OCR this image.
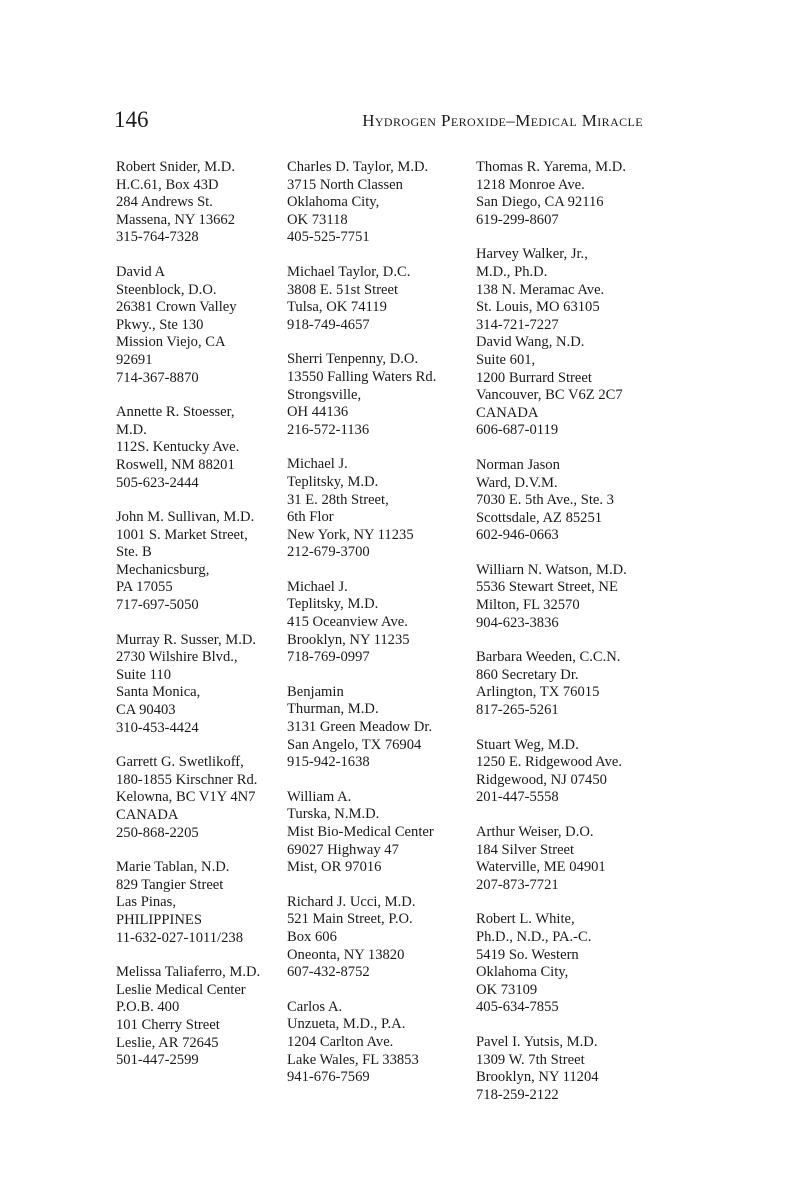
146	Hydrogen Peroxide–Medical Miracle
Robert Snider, M.D.
H.C.61, Box 43D
284 Andrews St.
Massena, NY 13662
315-764-7328
David A
Steenblock, D.O.
26381 Crown Valley
Pkwy., Ste 130
Mission Viejo, CA
92691
714-367-8870
Annette R. Stoesser,
M.D.
112S. Kentucky Ave.
Roswell, NM 88201
505-623-2444
John M. Sullivan, M.D.
1001 S. Market Street,
Ste. B
Mechanicsburg,
PA 17055
717-697-5050
Murray R. Susser, M.D.
2730 Wilshire Blvd.,
Suite 110
Santa Monica,
CA 90403
310-453-4424
Garrett G. Swetlikoff,
180-1855 Kirschner Rd.
Kelowna, BC V1Y 4N7
CANADA
250-868-2205
Marie Tablan, N.D.
829 Tangier Street
Las Pinas,
PHILIPPINES
11-632-027-1011/238
Melissa Taliaferro, M.D.
Leslie Medical Center
P.O.B. 400
101 Cherry Street
Leslie, AR 72645
501-447-2599
Charles D. Taylor, M.D.
3715 North Classen
Oklahoma City,
OK 73118
405-525-7751
Michael Taylor, D.C.
3808 E. 51st Street
Tulsa, OK 74119
918-749-4657
Sherri Tenpenny, D.O.
13550 Falling Waters Rd.
Strongsville,
OH 44136
216-572-1136
Michael J.
Teplitsky, M.D.
31 E. 28th Street,
6th Flor
New York, NY 11235
212-679-3700
Michael J.
Teplitsky, M.D.
415 Oceanview Ave.
Brooklyn, NY 11235
718-769-0997
Benjamin
Thurman, M.D.
3131 Green Meadow Dr.
San Angelo, TX 76904
915-942-1638
William A.
Turska, N.M.D.
Mist Bio-Medical Center
69027 Highway 47
Mist, OR 97016
Richard J. Ucci, M.D.
521 Main Street, P.O.
Box 606
Oneonta, NY 13820
607-432-8752
Carlos A.
Unzueta, M.D., P.A.
1204 Carlton Ave.
Lake Wales, FL 33853
941-676-7569
Thomas R. Yarema, M.D.
1218 Monroe Ave.
San Diego, CA 92116
619-299-8607
Harvey Walker, Jr.,
M.D., Ph.D.
138 N. Meramac Ave.
St. Louis, MO 63105
314-721-7227
David Wang, N.D.
Suite 601,
1200 Burrard Street
Vancouver, BC V6Z 2C7
CANADA
606-687-0119
Norman Jason
Ward, D.V.M.
7030 E. 5th Ave., Ste. 3
Scottsdale, AZ 85251
602-946-0663
Williarn N. Watson, M.D.
5536 Stewart Street, NE
Milton, FL 32570
904-623-3836
Barbara Weeden, C.C.N.
860 Secretary Dr.
Arlington, TX 76015
817-265-5261
Stuart Weg, M.D.
1250 E. Ridgewood Ave.
Ridgewood, NJ 07450
201-447-5558
Arthur Weiser, D.O.
184 Silver Street
Waterville, ME 04901
207-873-7721
Robert L. White,
Ph.D., N.D., PA.-C.
5419 So. Western
Oklahoma City,
OK 73109
405-634-7855
Pavel I. Yutsis, M.D.
1309 W. 7th Street
Brooklyn, NY 11204
718-259-2122
